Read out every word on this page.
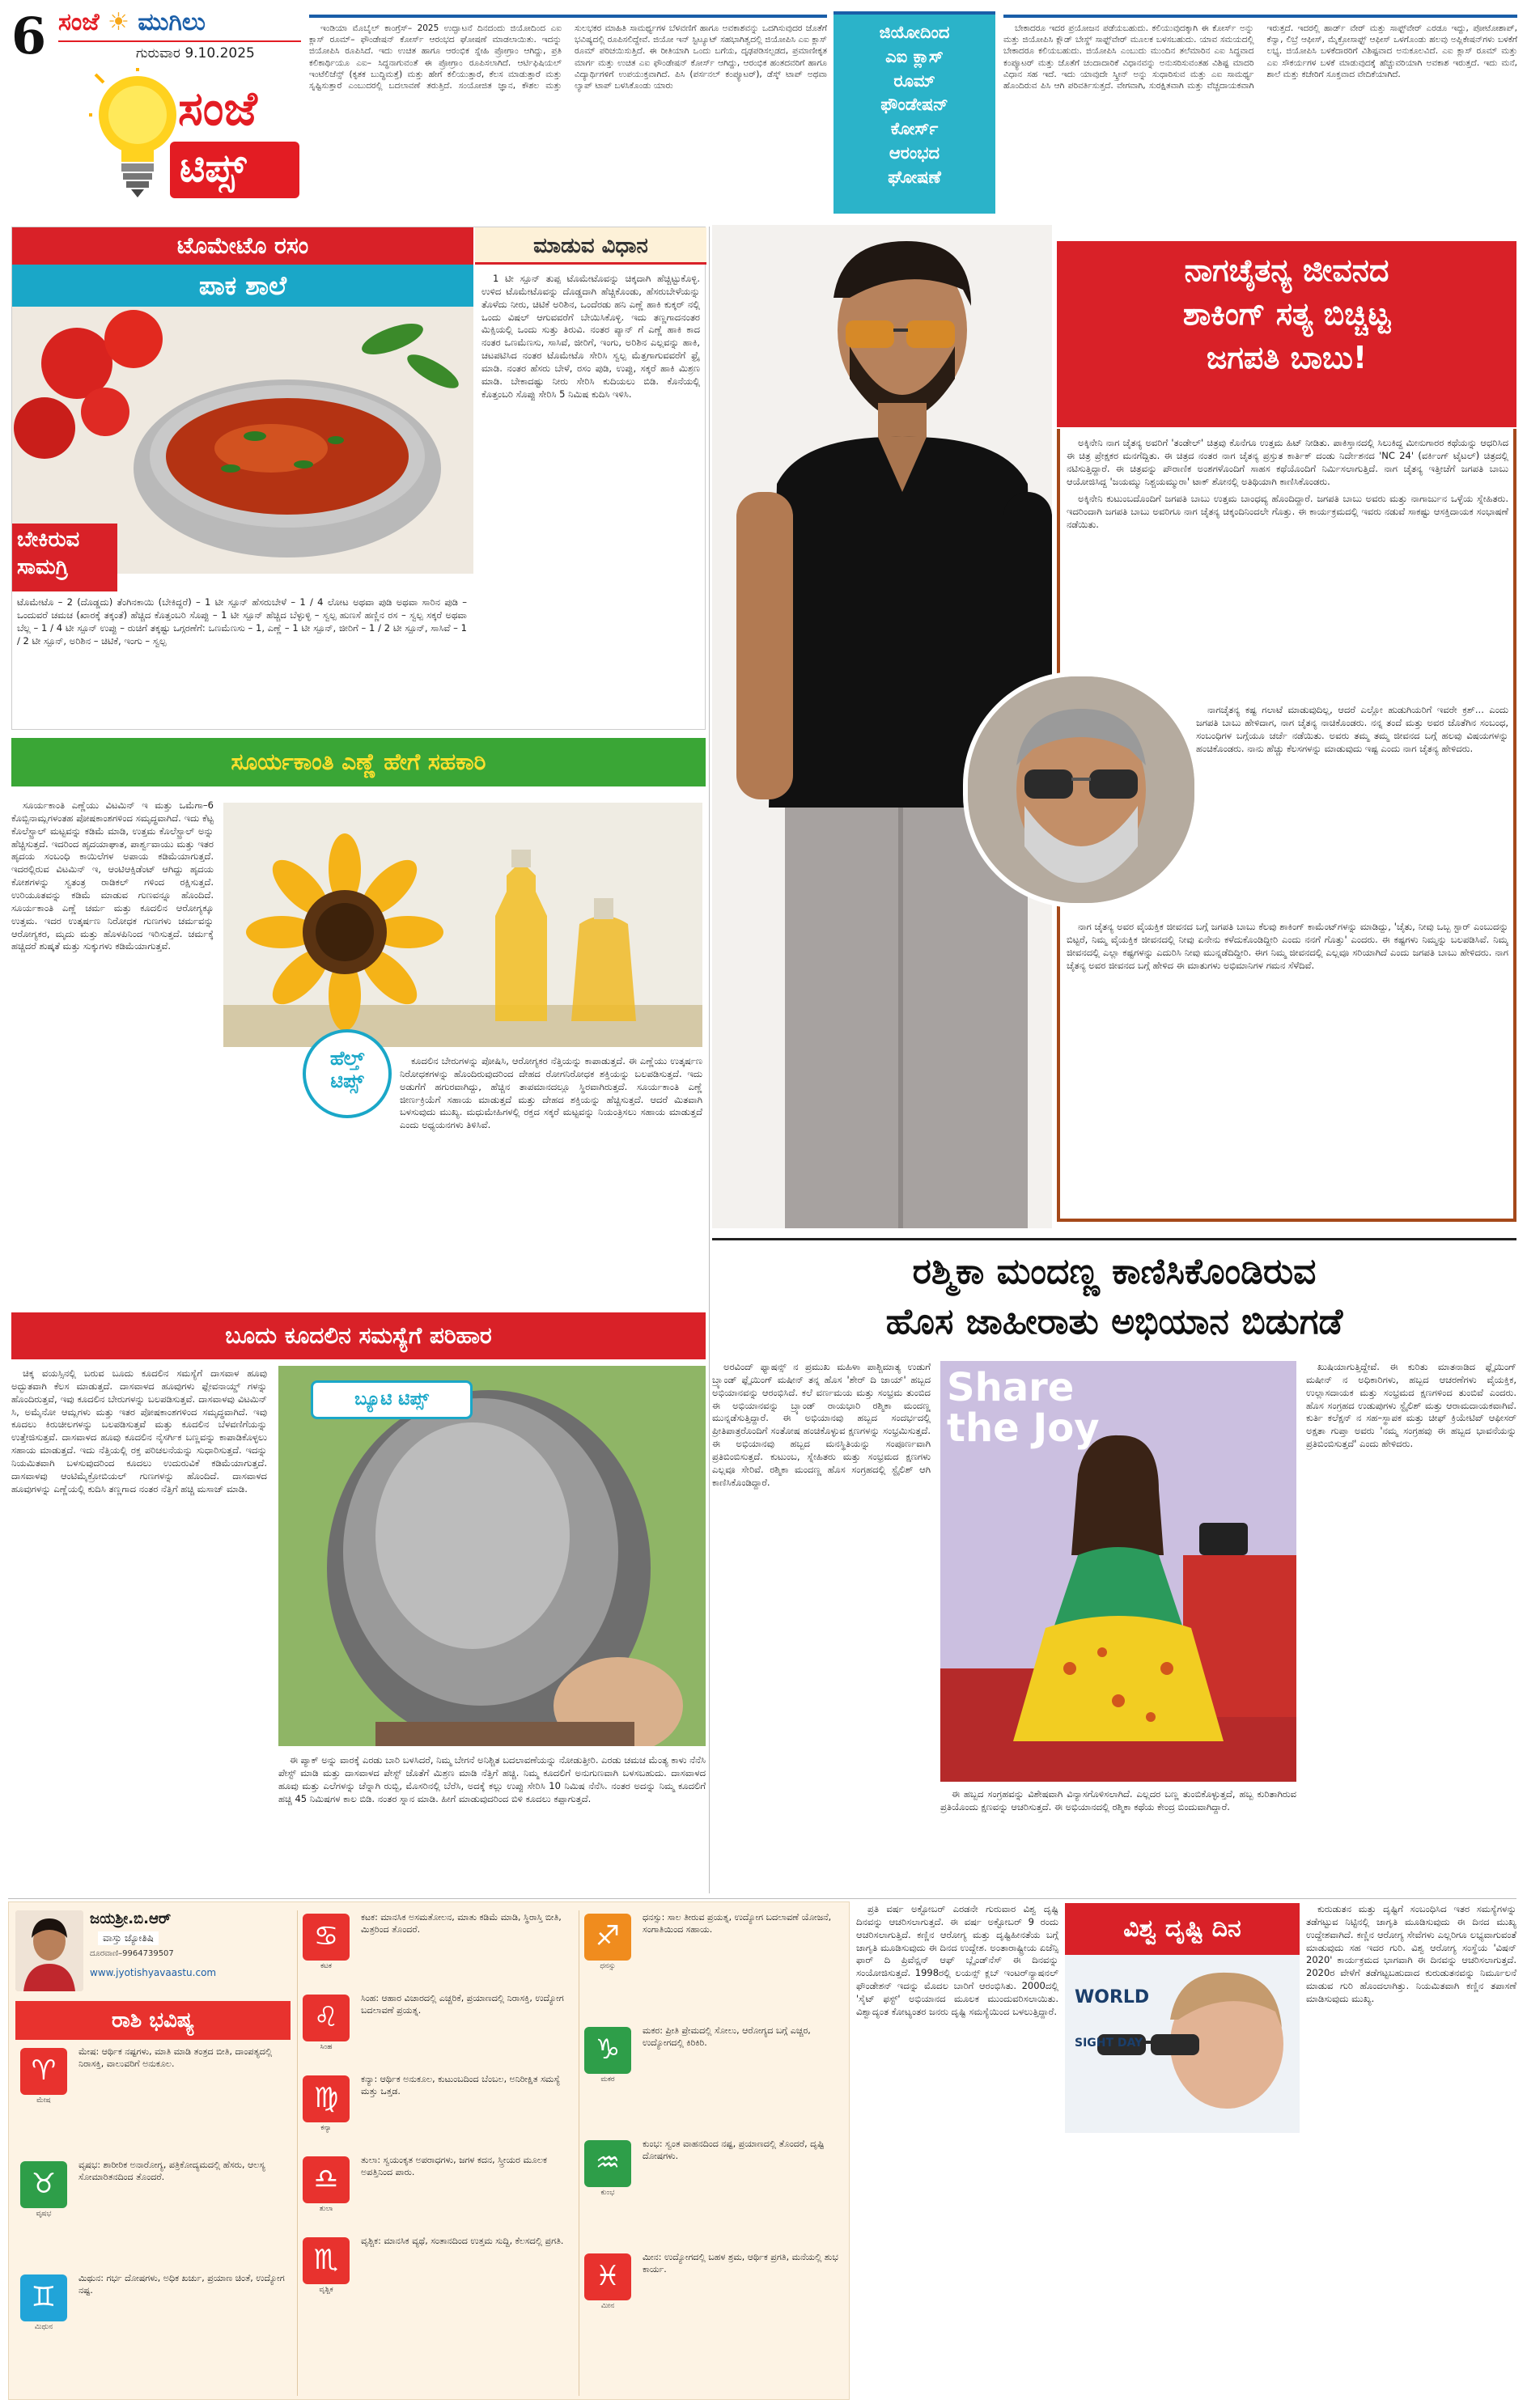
6 ಸಂಜೆ ☀ ಮುಗಿಲು
ಗುರುವಾರ 9.10.2025
ಸಂಜೆ
ಟಿಪ್ಸ್

ಇಂಡಿಯಾ ಮೊಬೈಲ್ ಕಾಂಗ್ರೆಸ್– 2025 ಉದ್ಘಾಟನೆ ದಿನದಂದು ಜಿಯೋದಿಂದ ಎಐ ಕ್ಲಾಸ್ ರೂಮ್– ಫೌಂಡೇಷನ್ ಕೋರ್ಸ್ ಆರಂಭದ ಘೋಷಣೆ ಮಾಡಲಾಯಿತು. ಇದನ್ನು ಜಿಯೋಪಿಸಿ ರೂಪಿಸಿದೆ. ಇದು ಉಚಿತ ಹಾಗೂ ಆರಂಭಿಕ ಸ್ನೇಹಿ ಪ್ರೋಗ್ರಾಂ ಆಗಿದ್ದು, ಪ್ರತಿ ಕಲಿಕಾರ್ಥಿಯೂ ಎಐ– ಸಿದ್ಧನಾಗುವಂತೆ ಈ ಪ್ರೋಗ್ರಾಂ ರೂಪಿಸಲಾಗಿದೆ. ಆರ್ಟಿಫಿಷಿಯಲ್ ಇಂಟೆಲಿಜೆನ್ಸ್ (ಕೃತಕ ಬುದ್ಧಿಮತ್ತೆ) ಮತ್ತು ಹೇಗೆ ಕಲಿಯುತ್ತಾರೆ, ಕೆಲಸ ಮಾಡುತ್ತಾರೆ ಮತ್ತು ಸೃಷ್ಟಿಸುತ್ತಾರೆ ಎಂಬುದರಲ್ಲಿ ಬದಲಾವಣೆ ತರುತ್ತಿದೆ. ಸಂಯೋಜಿತ ಜ್ಞಾನ, ಕೌಶಲ ಮತ್ತು ಸುಲಭಕರ ಮಾಹಿತಿ ಸಾಮರ್ಥ್ಯಗಳ ಬೆಳವಣಿಗೆ ಹಾಗೂ ಅವಕಾಶವನ್ನು ಒದಗಿಸುವುದರ ಜೊತೆಗೆ ಭವಿಷ್ಯದಲ್ಲಿ ರೂಪಿಸಲಿದ್ದೇವೆ. ಜಿಯೋ ಇನ್ ಸ್ಟಿಟ್ಯೂಟ್ ಸಹಭಾಗಿತ್ವದಲ್ಲಿ ಜಿಯೋಪಿಸಿ ಎಐ ಕ್ಲಾಸ್ ರೂಮ್ ಪರಿಚಯಿಸುತ್ತಿದೆ. ಈ ರೀತಿಯಾಗಿ ಒಂದು ಬಗೆಯ, ದೃಢಪಡಿಸಲ್ಪಡದ, ಪ್ರಮಾಣೀಕೃತ ಮಾರ್ಗ ಮತ್ತು ಉಚಿತ ಎಐ ಫೌಂಡೇಷನ್ ಕೋರ್ಸ್ ಆಗಿದ್ದು, ಆರಂಭಿಕ ಹಂತದವರಿಗೆ ಹಾಗೂ ವಿದ್ಯಾರ್ಥಿಗಳಿಗೆ ಉಪಯುಕ್ತವಾಗಿದೆ. ಪಿಸಿ (ಪರ್ಸನಲ್ ಕಂಪ್ಯೂಟರ್), ಡೆಸ್ಕ್ ಟಾಪ್ ಅಥವಾ ಲ್ಯಾಪ್ ಟಾಪ್ ಬಳಸಿಕೊಂಡು ಯಾರು

ಜಿಯೋದಿಂದ
ಎಐ ಕ್ಲಾಸ್
ರೂಮ್
ಫೌಂಡೇಷನ್
ಕೋರ್ಸ್
ಆರಂಭದ
ಘೋಷಣೆ

ಬೇಕಾದರೂ ಇದರ ಪ್ರಯೋಜನ ಪಡೆಯಬಹುದು. ಕಲಿಯುವುದಕ್ಕಾಗಿ ಈ ಕೋರ್ಸ್ ಅನ್ನು ಮತ್ತು ಜಿಯೋಪಿಸಿ ಕ್ಲೌಡ್ ಬೇಸ್ಡ್ ಸಾಫ್ಟ್‌ವೇರ್ ಮೂಲಕ ಬಳಸಬಹುದು. ಯಾವ ಸಮಯದಲ್ಲಿ ಬೇಕಾದರೂ ಕಲಿಯಬಹುದು. ಜಿಯೋಪಿಸಿ ಎಂಬುದು ಮುಂದಿನ ತಲೆಮಾರಿನ ಎಐ ಸಿದ್ಧವಾದ ಕಂಪ್ಯೂಟರ್ ಮತ್ತು ಜೊತೆಗೆ ಚಂದಾದಾರಿಕೆ ವಿಧಾನವನ್ನು ಅನುಸರಿಸುವಂತಹ ವಿಶಿಷ್ಟ ಮಾದರಿ ವಿಧಾನ ಸಹ ಇದೆ. ಇದು ಯಾವುದೇ ಸ್ಕ್ರೀನ್ ಅನ್ನು ಸುಧಾರಿಸುವ ಮತ್ತು ಎಐ ಸಾಮರ್ಥ್ಯ ಹೊಂದಿರುವ ಪಿಸಿ ಆಗಿ ಪರಿವರ್ತಿಸುತ್ತದೆ. ವೇಗವಾಗಿ, ಸುರಕ್ಷಿತವಾಗಿ ಮತ್ತು ವೆಚ್ಚದಾಯಕವಾಗಿ ಇರುತ್ತದೆ. ಇದರಲ್ಲಿ ಹಾರ್ಡ್ ವೇರ್ ಮತ್ತು ಸಾಫ್ಟ್‌ವೇರ್ ಎರಡೂ ಇದ್ದು, ಪೋಟೋಶಾಪ್, ಕೆನ್ವಾ, ಲಿಬ್ರೆ ಆಫೀಸ್, ಮೈಕ್ರೋಸಾಫ್ಟ್ ಆಫೀಸ್ ಒಳಗೊಂಡು ಹಲವು ಅಪ್ಲಿಕೇಷನ್‌ಗಳು ಬಳಕೆಗೆ ಲಭ್ಯ. ಜಿಯೋಪಿಸಿ ಬಳಕೆದಾರರಿಗೆ ವಿಶಿಷ್ಟವಾದ ಅನುಕೂಲವಿದೆ. ಎಐ ಕ್ಲಾಸ್ ರೂಮ್ ಮತ್ತು ಎಐ ಸೌಕರ್ಯಗಳ ಬಳಕೆ ಮಾಡುವುದಕ್ಕೆ ಹೆಚ್ಚುವರಿಯಾಗಿ ಅವಕಾಶ ಇರುತ್ತದೆ. ಇದು ಮನೆ, ಶಾಲೆ ಮತ್ತು ಕಚೇರಿಗೆ ಸೂಕ್ತವಾದ ವೇದಿಕೆಯಾಗಿದೆ.

ಟೊಮೇಟೊ ರಸಂ	ಮಾಡುವ ವಿಧಾನ
ಪಾಕ ಶಾಲೆ
ಬೇಕಿರುವ
ಸಾಮಗ್ರಿ
ಟೊಮೇಟೊ – 2 (ದೊಡ್ಡದು) ತೆಂಗಿನಕಾಯಿ (ಬೇಕಿದ್ದರೆ) – 1 ಟೀ ಸ್ಪೂನ್ ಹೆಸರುಬೇಳೆ – 1 / 4 ಲೋಟ ಅಥವಾ ಪುಡಿ ಅಥವಾ ಸಾರಿನ ಪುಡಿ – ಒಂದುವರೆ ಚಮಚ (ಖಾರಕ್ಕೆ ತಕ್ಕಂತೆ) ಹೆಚ್ಚಿದ ಕೊತ್ತಂಬರಿ ಸೊಪ್ಪು – 1 ಟೀ ಸ್ಪೂನ್ ಹೆಚ್ಚಿದ ಬೆಳ್ಳುಳ್ಳಿ – ಸ್ವಲ್ಪ ಹುಣಸೆ ಹಣ್ಣಿನ ರಸ – ಸ್ವಲ್ಪ ಸಕ್ಕರೆ ಅಥವಾ ಬೆಲ್ಲ – 1 / 4 ಟೀ ಸ್ಪೂನ್ ಉಪ್ಪು – ರುಚಿಗೆ ತಕ್ಕಷ್ಟು ಒಗ್ಗರಣೆಗೆ: ಒಣಮೆಣಸು – 1, ಎಣ್ಣೆ – 1 ಟೀ ಸ್ಪೂನ್, ಜೀರಿಗೆ – 1 / 2 ಟೀ ಸ್ಪೂನ್, ಸಾಸಿವೆ – 1 / 2 ಟೀ ಸ್ಪೂನ್, ಅರಿಶಿನ – ಚಿಟಿಕೆ, ಇಂಗು – ಸ್ವಲ್ಪ

1 ಟೀ ಸ್ಪೂನ್ ತುಪ್ಪ ಟೊಮೇಟೊವನ್ನು ಚಿಕ್ಕದಾಗಿ ಹೆಚ್ಚಿಟ್ಟುಕೊಳ್ಳಿ. ಉಳಿದ ಟೊಮೇಟೊವನ್ನು ದೊಡ್ಡದಾಗಿ ಹೆಚ್ಚಿಕೊಂಡು, ಹೆಸರುಬೇಳೆಯನ್ನು ತೊಳೆದು ನೀರು, ಚಿಟಿಕೆ ಅರಿಶಿನ, ಒಂದೆರಡು ಹನಿ ಎಣ್ಣೆ ಹಾಕಿ ಕುಕ್ಕರ್ ನಲ್ಲಿ ಒಂದು ವಿಷಲ್ ಆಗುವವರೆಗೆ ಬೇಯಿಸಿಕೊಳ್ಳಿ. ಇದು ತಣ್ಣಗಾದನಂತರ ಮಿಕ್ಸಿಯಲ್ಲಿ ಒಂದು ಸುತ್ತು ತಿರುವಿ. ನಂತರ ಪ್ಯಾನ್ ಗೆ ಎಣ್ಣೆ ಹಾಕಿ ಕಾದ ನಂತರ ಒಣಮೆಣಸು, ಸಾಸಿವೆ, ಜೀರಿಗೆ, ಇಂಗು, ಅರಿಶಿನ ಎಲ್ಲವನ್ನು ಹಾಕಿ, ಚಟಪಟಿಸಿದ ನಂತರ ಟೊಮೇಟೊ ಸೇರಿಸಿ ಸ್ವಲ್ಪ ಮೆತ್ತಗಾಗುವವರೆಗೆ ಫ್ರೈ ಮಾಡಿ. ನಂತರ ಹೆಸರು ಬೇಳೆ, ರಸಂ ಪುಡಿ, ಉಪ್ಪು, ಸಕ್ಕರೆ ಹಾಕಿ ಮಿಶ್ರಣ ಮಾಡಿ. ಬೇಕಾದಷ್ಟು ನೀರು ಸೇರಿಸಿ ಕುದಿಯಲು ಬಿಡಿ. ಕೊನೆಯಲ್ಲಿ ಕೊತ್ತಂಬರಿ ಸೊಪ್ಪು ಸೇರಿಸಿ 5 ನಿಮಿಷ ಕುದಿಸಿ ಇಳಿಸಿ.

ಸೂರ್ಯಕಾಂತಿ ಎಣ್ಣೆ ಹೇಗೆ ಸಹಕಾರಿ

ಸೂರ್ಯಕಾಂತಿ ಎಣ್ಣೆಯು ವಿಟಮಿನ್ ಇ ಮತ್ತು ಒಮೆಗಾ–6 ಕೊಬ್ಬಿನಾಮ್ಲಗಳಂತಹ ಪೋಷಕಾಂಶಗಳಿಂದ ಸಮೃದ್ಧವಾಗಿದೆ. ಇದು ಕೆಟ್ಟ ಕೊಲೆಸ್ಟ್ರಾಲ್ ಮಟ್ಟವನ್ನು ಕಡಿಮೆ ಮಾಡಿ, ಉತ್ತಮ ಕೊಲೆಸ್ಟ್ರಾಲ್ ಅನ್ನು ಹೆಚ್ಚಿಸುತ್ತದೆ. ಇದರಿಂದ ಹೃದಯಾಘಾತ, ಪಾರ್ಶ್ವವಾಯು ಮತ್ತು ಇತರ ಹೃದಯ ಸಂಬಂಧಿ ಕಾಯಿಲೆಗಳ ಅಪಾಯ ಕಡಿಮೆಯಾಗುತ್ತದೆ. ಇದರಲ್ಲಿರುವ ವಿಟಮಿನ್ ಇ, ಆಂಟಿಆಕ್ಸಿಡೆಂಟ್ ಆಗಿದ್ದು ಹೃದಯ ಕೋಶಗಳನ್ನು ಸ್ವತಂತ್ರ ರಾಡಿಕಲ್ ಗಳಿಂದ ರಕ್ಷಿಸುತ್ತದೆ. ಉರಿಯೂತವನ್ನು ಕಡಿಮೆ ಮಾಡುವ ಗುಣವನ್ನೂ ಹೊಂದಿದೆ. ಸೂರ್ಯಕಾಂತಿ ಎಣ್ಣೆ ಚರ್ಮ ಮತ್ತು ಕೂದಲಿನ ಆರೋಗ್ಯಕ್ಕೂ ಉತ್ತಮ. ಇದರ ಉತ್ಕರ್ಷಣ ನಿರೋಧಕ ಗುಣಗಳು ಚರ್ಮವನ್ನು ಆರೋಗ್ಯಕರ, ಮೃದು ಮತ್ತು ಹೊಳಪಿನಿಂದ ಇರಿಸುತ್ತದೆ. ಚರ್ಮಕ್ಕೆ ಹಚ್ಚಿದರೆ ಶುಷ್ಕತೆ ಮತ್ತು ಸುಕ್ಕುಗಳು ಕಡಿಮೆಯಾಗುತ್ತವೆ.

ಹೆಲ್ತ್
ಟಿಪ್ಸ್

ಕೂದಲಿನ ಬೇರುಗಳನ್ನು ಪೋಷಿಸಿ, ಆರೋಗ್ಯಕರ ನೆತ್ತಿಯನ್ನು ಕಾಪಾಡುತ್ತದೆ. ಈ ಎಣ್ಣೆಯು ಉತ್ಕರ್ಷಣ ನಿರೋಧಕಗಳನ್ನು ಹೊಂದಿರುವುದರಿಂದ ದೇಹದ ರೋಗನಿರೋಧಕ ಶಕ್ತಿಯನ್ನು ಬಲಪಡಿಸುತ್ತದೆ. ಇದು ಅಡುಗೆಗೆ ಹಗುರವಾಗಿದ್ದು, ಹೆಚ್ಚಿನ ತಾಪಮಾನದಲ್ಲೂ ಸ್ಥಿರವಾಗಿರುತ್ತದೆ. ಸೂರ್ಯಕಾಂತಿ ಎಣ್ಣೆ ಜೀರ್ಣಕ್ರಿಯೆಗೆ ಸಹಾಯ ಮಾಡುತ್ತದೆ ಮತ್ತು ದೇಹದ ಶಕ್ತಿಯನ್ನು ಹೆಚ್ಚಿಸುತ್ತದೆ. ಆದರೆ ಮಿತವಾಗಿ ಬಳಸುವುದು ಮುಖ್ಯ. ಮಧುಮೇಹಿಗಳಲ್ಲಿ ರಕ್ತದ ಸಕ್ಕರೆ ಮಟ್ಟವನ್ನು ನಿಯಂತ್ರಿಸಲು ಸಹಾಯ ಮಾಡುತ್ತದೆ ಎಂದು ಅಧ್ಯಯನಗಳು ತಿಳಿಸಿವೆ.

ಬೂದು ಕೂದಲಿನ ಸಮಸ್ಯೆಗೆ ಪರಿಹಾರ

ಚಿಕ್ಕ ವಯಸ್ಸಿನಲ್ಲಿ ಬರುವ ಬೂದು ಕೂದಲಿನ ಸಮಸ್ಯೆಗೆ ದಾಸವಾಳ ಹೂವು ಅದ್ಭುತವಾಗಿ ಕೆಲಸ ಮಾಡುತ್ತದೆ. ದಾಸವಾಳದ ಹೂವುಗಳು ಫ್ಲೇವನಾಯ್ಡ್ ಗಳನ್ನು ಹೊಂದಿರುತ್ತವೆ, ಇವು ಕೂದಲಿನ ಬೇರುಗಳನ್ನು ಬಲಪಡಿಸುತ್ತವೆ. ದಾಸವಾಳವು ವಿಟಮಿನ್ ಸಿ, ಅಮೈನೋ ಆಮ್ಲಗಳು ಮತ್ತು ಇತರ ಪೋಷಕಾಂಶಗಳಿಂದ ಸಮೃದ್ಧವಾಗಿದೆ. ಇವು ಕೂದಲು ಕಿರುಚೀಲಗಳನ್ನು ಬಲಪಡಿಸುತ್ತವೆ ಮತ್ತು ಕೂದಲಿನ ಬೆಳವಣಿಗೆಯನ್ನು ಉತ್ತೇಜಿಸುತ್ತವೆ. ದಾಸವಾಳದ ಹೂವು ಕೂದಲಿನ ನೈಸರ್ಗಿಕ ಬಣ್ಣವನ್ನು ಕಾಪಾಡಿಕೊಳ್ಳಲು ಸಹಾಯ ಮಾಡುತ್ತದೆ. ಇದು ನೆತ್ತಿಯಲ್ಲಿ ರಕ್ತ ಪರಿಚಲನೆಯನ್ನು ಸುಧಾರಿಸುತ್ತದೆ. ಇದನ್ನು ನಿಯಮಿತವಾಗಿ ಬಳಸುವುದರಿಂದ ಕೂದಲು ಉದುರುವಿಕೆ ಕಡಿಮೆಯಾಗುತ್ತದೆ. ದಾಸವಾಳವು ಆಂಟಿಮೈಕ್ರೋಬಿಯಲ್ ಗುಣಗಳನ್ನು ಹೊಂದಿದೆ. ದಾಸವಾಳದ ಹೂವುಗಳನ್ನು ಎಣ್ಣೆಯಲ್ಲಿ ಕುದಿಸಿ ತಣ್ಣಗಾದ ನಂತರ ನೆತ್ತಿಗೆ ಹಚ್ಚಿ ಮಸಾಜ್ ಮಾಡಿ.

ಬ್ಯೂಟಿ ಟಿಪ್ಸ್

ಈ ಪ್ಯಾಕ್ ಅನ್ನು ವಾರಕ್ಕೆ ಎರಡು ಬಾರಿ ಬಳಸಿದರೆ, ನಿಮ್ಮ ಬೇಗನೆ ಅನಿಶ್ಚಿತ ಬದಲಾವಣೆಯನ್ನು ನೋಡುತ್ತೀರಿ. ಎರಡು ಚಮಚ ಮೆಂತ್ಯ ಕಾಳು ನೆನೆಸಿ ಪೇಸ್ಟ್ ಮಾಡಿ ಮತ್ತು ದಾಸವಾಳದ ಪೇಸ್ಟ್ ಜೊತೆಗೆ ಮಿಶ್ರಣ ಮಾಡಿ ನೆತ್ತಿಗೆ ಹಚ್ಚಿ. ನಿಮ್ಮ ಕೂದಲಿಗೆ ಅನುಗುಣವಾಗಿ ಬಳಸಬಹುದು. ದಾಸವಾಳದ ಹೂವು ಮತ್ತು ಎಲೆಗಳನ್ನು ಚೆನ್ನಾಗಿ ರುಬ್ಬಿ, ಮೊಸರಿನಲ್ಲಿ ಬೆರೆಸಿ, ಅದಕ್ಕೆ ಕಲ್ಲು ಉಪ್ಪು ಸೇರಿಸಿ 10 ನಿಮಿಷ ನೆನೆಸಿ. ನಂತರ ಅದನ್ನು ನಿಮ್ಮ ಕೂದಲಿಗೆ ಹಚ್ಚಿ 45 ನಿಮಿಷಗಳ ಕಾಲ ಬಿಡಿ. ನಂತರ ಸ್ನಾನ ಮಾಡಿ. ಹೀಗೆ ಮಾಡುವುದರಿಂದ ಬಿಳಿ ಕೂದಲು ಕಪ್ಪಾಗುತ್ತದೆ.

ನಾಗಚೈತನ್ಯ ಜೀವನದ
ಶಾಕಿಂಗ್ ಸತ್ಯ ಬಿಚ್ಚಿಟ್ಟ
ಜಗಪತಿ ಬಾಬು!

ಅಕ್ಕಿನೇನಿ ನಾಗ ಚೈತನ್ಯ ಅವರಿಗೆ 'ತಂಡೇಲ್' ಚಿತ್ರವು ಕೊನೆಗೂ ಉತ್ತಮ ಹಿಟ್ ನೀಡಿತು. ಪಾಕಿಸ್ತಾನದಲ್ಲಿ ಸಿಲುಕಿದ್ದ ಮೀನುಗಾರರ ಕಥೆಯನ್ನು ಆಧರಿಸಿದ ಈ ಚಿತ್ರ ಪ್ರೇಕ್ಷಕರ ಮನಗೆದ್ದಿತು. ಈ ಚಿತ್ರದ ನಂತರ ನಾಗ ಚೈತನ್ಯ ಪ್ರಸ್ತುತ ಕಾರ್ತಿಕ್ ದಂಡು ನಿರ್ದೇಶನದ 'NC 24' (ವರ್ಕಿಂಗ್ ಟೈಟಲ್) ಚಿತ್ರದಲ್ಲಿ ನಟಿಸುತ್ತಿದ್ದಾರೆ. ಈ ಚಿತ್ರವನ್ನು ಪೌರಾಣಿಕ ಅಂಶಗಳೊಂದಿಗೆ ಸಾಹಸ ಕಥೆಯೊಂದಿಗೆ ನಿರ್ಮಿಸಲಾಗುತ್ತಿದೆ. ನಾಗ ಚೈತನ್ಯ ಇತ್ತೀಚೆಗೆ ಜಗಪತಿ ಬಾಬು ಆಯೋಜಿಸಿದ್ದ 'ಜಯಮ್ಮು ನಿಶ್ಚಯಮ್ಮುರಾ' ಟಾಕ್ ಶೋನಲ್ಲಿ ಅತಿಥಿಯಾಗಿ ಕಾಣಿಸಿಕೊಂಡರು.

ಅಕ್ಕಿನೇನಿ ಕುಟುಂಬದೊಂದಿಗೆ ಜಗಪತಿ ಬಾಬು ಉತ್ತಮ ಬಾಂಧವ್ಯ ಹೊಂದಿದ್ದಾರೆ. ಜಗಪತಿ ಬಾಬು ಅವರು ಮತ್ತು ನಾಗಾರ್ಜುನ ಒಳ್ಳೆಯ ಸ್ನೇಹಿತರು. ಇದರಿಂದಾಗಿ ಜಗಪತಿ ಬಾಬು ಅವರಿಗೂ ನಾಗ ಚೈತನ್ಯ ಚಿಕ್ಕಂದಿನಿಂದಲೇ ಗೊತ್ತು. ಈ ಕಾರ್ಯಕ್ರಮದಲ್ಲಿ ಇವರು ನಡುವೆ ಸಾಕಷ್ಟು ಆಸಕ್ತಿದಾಯಕ ಸಂಭಾಷಣೆ ನಡೆಯಿತು.

ನಾಗಚೈತನ್ಯ ಕಷ್ಟ ಗಲಾಟೆ ಮಾಡುವುದಿಲ್ಲ, ಆದರೆ ಎಲ್ಲೋ ಹುಡುಗಿಯರಿಗೆ ಇವರೇ ಕ್ರಶ್... ಎಂದು ಜಗಪತಿ ಬಾಬು ಹೇಳಿದಾಗ, ನಾಗ ಚೈತನ್ಯ ನಾಚಿಕೊಂಡರು. ನನ್ನ ತಂದೆ ಮತ್ತು ಅವರ ಜೊತೆಗಿನ ಸಂಬಂಧ, ಸಂಬಂಧಿಗಳ ಬಗ್ಗೆಯೂ ಚರ್ಚೆ ನಡೆಯಿತು. ಅವರು ತಮ್ಮ ತಮ್ಮ ಜೀವನದ ಬಗ್ಗೆ ಹಲವು ವಿಷಯಗಳನ್ನು ಹಂಚಿಕೊಂಡರು. ನಾನು ಹೆಚ್ಚು ಕೆಲಸಗಳನ್ನು ಮಾಡುವುದು ಇಷ್ಟ ಎಂದು ನಾಗ ಚೈತನ್ಯ ಹೇಳಿದರು.

ನಾಗ ಚೈತನ್ಯ ಅವರ ವೈಯಕ್ತಿಕ ಜೀವನದ ಬಗ್ಗೆ ಜಗಪತಿ ಬಾಬು ಕೆಲವು ಶಾಕಿಂಗ್ ಕಾಮೆಂಟ್‌ಗಳನ್ನು ಮಾಡಿದ್ದು, 'ಚೈತು, ನೀವು ಒಬ್ಬ ಸ್ಟಾರ್ ಎಂಬುದನ್ನು ಬಿಟ್ಟರೆ, ನಿಮ್ಮ ವೈಯಕ್ತಿಕ ಜೀವನದಲ್ಲಿ ನೀವು ಏನೇನು ಕಳೆದುಕೊಂಡಿದ್ದೀರಿ ಎಂದು ನನಗೆ ಗೊತ್ತು' ಎಂದರು. ಈ ಕಷ್ಟಗಳು ನಿಮ್ಮನ್ನು ಬಲಪಡಿಸಿವೆ. ನಿಮ್ಮ ಜೀವನದಲ್ಲಿ ಎಲ್ಲಾ ಕಷ್ಟಗಳನ್ನು ಎದುರಿಸಿ ನೀವು ಮುನ್ನಡೆದಿದ್ದೀರಿ. ಈಗ ನಿಮ್ಮ ಜೀವನದಲ್ಲಿ ಎಲ್ಲವೂ ಸರಿಯಾಗಿದೆ ಎಂದು ಜಗಪತಿ ಬಾಬು ಹೇಳಿದರು. ನಾಗ ಚೈತನ್ಯ ಅವರ ಜೀವನದ ಬಗ್ಗೆ ಹೇಳಿದ ಈ ಮಾತುಗಳು ಅಭಿಮಾನಿಗಳ ಗಮನ ಸೆಳೆದಿವೆ.

ರಶ್ಮಿಕಾ ಮಂದಣ್ಣ ಕಾಣಿಸಿಕೊಂಡಿರುವ
ಹೊಸ ಜಾಹೀರಾತು ಅಭಿಯಾನ ಬಿಡುಗಡೆ

ಅರವಿಂದ್ ಫ್ಯಾಷನ್ಸ್ ನ ಪ್ರಮುಖ ಮಹಿಳಾ ಪಾಶ್ಚಿಮಾತ್ಯ ಉಡುಗೆ ಬ್ರ್ಯಾಂಡ್ ಫ್ಲೈಯಿಂಗ್ ಮಷೀನ್ ತನ್ನ ಹೊಸ 'ಶೇರ್ ದಿ ಜಾಯ್' ಹಬ್ಬದ ಅಭಿಯಾನವನ್ನು ಆರಂಭಿಸಿದೆ. ಕಲೆ ವರ್ಣಮಯ ಮತ್ತು ಸಂಭ್ರಮ ತುಂಬಿದ ಈ ಅಭಿಯಾನವನ್ನು ಬ್ರ್ಯಾಂಡ್ ರಾಯಭಾರಿ ರಶ್ಮಿಕಾ ಮಂದಣ್ಣ ಮುನ್ನಡೆಸುತ್ತಿದ್ದಾರೆ. ಈ ಅಭಿಯಾನವು ಹಬ್ಬದ ಸಂದರ್ಭದಲ್ಲಿ ಪ್ರೀತಿಪಾತ್ರರೊಂದಿಗೆ ಸಂತೋಷ ಹಂಚಿಕೊಳ್ಳುವ ಕ್ಷಣಗಳನ್ನು ಸಂಭ್ರಮಿಸುತ್ತದೆ. ಈ ಅಭಿಯಾನವು ಹಬ್ಬದ ಮನಸ್ಥಿತಿಯನ್ನು ಸಂಪೂರ್ಣವಾಗಿ ಪ್ರತಿಬಿಂಬಿಸುತ್ತದೆ. ಕುಟುಂಬ, ಸ್ನೇಹಿತರು ಮತ್ತು ಸಂಭ್ರಮದ ಕ್ಷಣಗಳು ಎಲ್ಲವೂ ಸೇರಿವೆ. ರಶ್ಮಿಕಾ ಮಂದಣ್ಣ ಹೊಸ ಸಂಗ್ರಹದಲ್ಲಿ ಸ್ಟೈಲಿಶ್ ಆಗಿ ಕಾಣಿಸಿಕೊಂಡಿದ್ದಾರೆ.

Share
the Joy

ಈ ಹಬ್ಬದ ಸಂಗ್ರಹವನ್ನು ವಿಶೇಷವಾಗಿ ವಿನ್ಯಾಸಗೊಳಿಸಲಾಗಿದೆ. ಎಲ್ಲದರ ಬಣ್ಣ ತುಂಬಿಕೊಳ್ಳುತ್ತದೆ, ಹಬ್ಬ ಕುರಿತಾಗಿರುವ ಪ್ರತಿಯೊಂದು ಕ್ಷಣವನ್ನು ಆಚರಿಸುತ್ತದೆ. ಈ ಅಭಿಯಾನದಲ್ಲಿ ರಶ್ಮಿಕಾ ಕಥೆಯ ಕೇಂದ್ರ ಬಿಂದುವಾಗಿದ್ದಾರೆ.

ಖುಷಿಯಾಗುತ್ತಿದ್ದೇವೆ. ಈ ಕುರಿತು ಮಾತನಾಡಿದ ಫ್ಲೈಯಿಂಗ್ ಮಷೀನ್ ನ ಅಧಿಕಾರಿಗಳು, ಹಬ್ಬದ ಆಚರಣೆಗಳು ವೈಯಕ್ತಿಕ, ಉಲ್ಲಾಸದಾಯಕ ಮತ್ತು ಸಂಭ್ರಮದ ಕ್ಷಣಗಳಿಂದ ತುಂಬಿವೆ ಎಂದರು. ಹೊಸ ಸಂಗ್ರಹದ ಉಡುಪುಗಳು ಸ್ಟೈಲಿಶ್ ಮತ್ತು ಆರಾಮದಾಯಕವಾಗಿವೆ. ಕುರ್ತಿ ಕಲೆಕ್ಷನ್ ನ ಸಹ–ಸ್ಥಾಪಕ ಮತ್ತು ಚೀಫ್ ಕ್ರಿಯೇಟಿವ್ ಆಫೀಸರ್ ಅಕ್ಷತಾ ಗುಪ್ತಾ ಅವರು 'ನಮ್ಮ ಸಂಗ್ರಹವು ಈ ಹಬ್ಬದ ಭಾವನೆಯನ್ನು ಪ್ರತಿಬಿಂಬಿಸುತ್ತದೆ' ಎಂದು ಹೇಳಿದರು.

ಜಯಶ್ರೀ.ಬಿ.ಆರ್
ವಾಸ್ತು ಜ್ಯೋತಿಷಿ
ದೂರವಾಣಿ–9964739507
www.jyotishyavaastu.com
ರಾಶಿ ಭವಿಷ್ಯ
♈
ಮೇಷ
ಮೇಷ: ಆರ್ಥಿಕ ನಷ್ಟಗಳು, ಮಾತಿ ಮಾಡಿ ತಂತ್ರದ ಬೀತಿ, ದಾಂಪತ್ಯದಲ್ಲಿ ನಿರಾಸಕ್ತಿ, ವಾಲುವರಿಗೆ ಅನುಕೂಲ.
♉
ವೃಷಭ
ವೃಷಭ: ಶಾರೀರಿಕ ಅನಾರೋಗ್ಯ, ಪತ್ರಿಕೋದ್ಯಮದಲ್ಲಿ ಹೆಸರು, ಆಲಸ್ಯ ಸೋಮಾರಿತನದಿಂದ ತೊಂದರೆ.
♊
ಮಿಥುನ
ಮಿಥುನ: ಗರ್ಭ ದೋಷಗಳು, ಅಧಿಕ ಖರ್ಚು, ಪ್ರಯಾಣ ಚಿಂತೆ, ಉದ್ಯೋಗ ನಷ್ಟ.
♋
ಕಟಕ
ಕಟಕ: ಮಾನಸಿಕ ಅಸಮತೋಲನ, ಮಾತು ಕಡಿಮೆ ಮಾಡಿ, ಸ್ಥಿರಾಸ್ತಿ ಬೀತಿ, ಮಿತ್ರರಿಂದ ತೊಂದರೆ.
♌
ಸಿಂಹ
ಸಿಂಹ: ಆಹಾರ ವಿಚಾರದಲ್ಲಿ ಎಚ್ಚರಿಕೆ, ಪ್ರಯಾಣದಲ್ಲಿ ನಿರಾಸಕ್ತಿ, ಉದ್ಯೋಗ ಬದಲಾವಣೆ ಪ್ರಯತ್ನ.
♍
ಕನ್ಯಾ
ಕನ್ಯಾ: ಆರ್ಥಿಕ ಅನುಕೂಲ, ಕುಟುಂಬದಿಂದ ಬೆಂಬಲ, ಅನಿರೀಕ್ಷಿತ ಸಮಸ್ಯೆ ಮತ್ತು ಒತ್ತಡ.
♎
ತುಲಾ
ತುಲಾ: ಸ್ವಯಂಕೃತ ಅಪರಾಧಗಳು, ಜಗಳ ಕದನ, ಸ್ತ್ರೀಯರ ಮೂಲಕ ಅಪತ್ತಿನಿಂದ ಪಾರು.
♏
ವೃಶ್ಚಿಕ
ವೃಶ್ಚಿಕ: ಮಾನಸಿಕ ವ್ಯಥೆ, ಸಂತಾನದಿಂದ ಉತ್ತಮ ಸುದ್ದಿ, ಕೆಲಸದಲ್ಲಿ ಪ್ರಗತಿ.
♐
ಧನಸ್ಸು
ಧನಸ್ಸು: ಸಾಲ ತೀರುವ ಪ್ರಯತ್ನ, ಉದ್ಯೋಗ ಬದಲಾವಣೆ ಯೋಜನೆ, ಸಂಗಾತಿಯಿಂದ ಸಹಾಯ.
♑
ಮಕರ
ಮಕರ: ಪ್ರೀತಿ ಪ್ರೇಮದಲ್ಲಿ ಸೋಲು, ಆರೋಗ್ಯದ ಬಗ್ಗೆ ಎಚ್ಚರ, ಉದ್ಯೋಗದಲ್ಲಿ ಕಿರಿಕಿರಿ.
♒
ಕುಂಭ
ಕುಂಭ: ಸ್ವಂತ ವಾಹನದಿಂದ ನಷ್ಟ, ಪ್ರಯಾಣದಲ್ಲಿ ತೊಂದರೆ, ದೃಷ್ಟಿ ದೋಷಗಳು.
♓
ಮೀನ
ಮೀನ: ಉದ್ಯೋಗದಲ್ಲಿ ಬಹಳ ಶ್ರಮ, ಆರ್ಥಿಕ ಪ್ರಗತಿ, ಮನೆಯಲ್ಲಿ ಶುಭ ಕಾರ್ಯ.

ಪ್ರತಿ ವರ್ಷ ಅಕ್ಟೋಬರ್ ಎರಡನೇ ಗುರುವಾರ ವಿಶ್ವ ದೃಷ್ಟಿ ದಿನವನ್ನು ಆಚರಿಸಲಾಗುತ್ತದೆ. ಈ ವರ್ಷ ಅಕ್ಟೋಬರ್ 9 ರಂದು ಆಚರಿಸಲಾಗುತ್ತಿದೆ. ಕಣ್ಣಿನ ಆರೋಗ್ಯ ಮತ್ತು ದೃಷ್ಟಿಹೀನತೆಯ ಬಗ್ಗೆ ಜಾಗೃತಿ ಮೂಡಿಸುವುದು ಈ ದಿನದ ಉದ್ದೇಶ. ಅಂತಾರಾಷ್ಟ್ರೀಯ ಏಜೆನ್ಸಿ ಫಾರ್ ದಿ ಪ್ರಿವೆನ್ಷನ್ ಆಫ್ ಬ್ಲೈಂಡ್‌ನೆಸ್ ಈ ದಿನವನ್ನು ಸಂಯೋಜಿಸುತ್ತದೆ. 1998ರಲ್ಲಿ ಲಯನ್ಸ್ ಕ್ಲಬ್ ಇಂಟರ್‌ನ್ಯಾಷನಲ್ ಫೌಂಡೇಶನ್ ಇದನ್ನು ಮೊದಲ ಬಾರಿಗೆ ಆರಂಭಿಸಿತು. 2000ದಲ್ಲಿ 'ಸೈಟ್ ಫಸ್ಟ್' ಅಭಿಯಾನದ ಮೂಲಕ ಮುಂದುವರಿಸಲಾಯಿತು. ವಿಶ್ವಾದ್ಯಂತ ಕೋಟ್ಯಂತರ ಜನರು ದೃಷ್ಟಿ ಸಮಸ್ಯೆಯಿಂದ ಬಳಲುತ್ತಿದ್ದಾರೆ.

ವಿಶ್ವ ದೃಷ್ಟಿ ದಿನ
WORLD
SIGHT DAY

ಕುರುಡುತನ ಮತ್ತು ದೃಷ್ಟಿಗೆ ಸಂಬಂಧಿಸಿದ ಇತರ ಸಮಸ್ಯೆಗಳನ್ನು ತಡೆಗಟ್ಟುವ ನಿಟ್ಟಿನಲ್ಲಿ ಜಾಗೃತಿ ಮೂಡಿಸುವುದು ಈ ದಿನದ ಮುಖ್ಯ ಉದ್ದೇಶವಾಗಿದೆ. ಕಣ್ಣಿನ ಆರೋಗ್ಯ ಸೇವೆಗಳು ಎಲ್ಲರಿಗೂ ಲಭ್ಯವಾಗುವಂತೆ ಮಾಡುವುದು ಸಹ ಇದರ ಗುರಿ. ವಿಶ್ವ ಆರೋಗ್ಯ ಸಂಸ್ಥೆಯ 'ವಿಷನ್ 2020' ಕಾರ್ಯಕ್ರಮದ ಭಾಗವಾಗಿ ಈ ದಿನವನ್ನು ಆಚರಿಸಲಾಗುತ್ತದೆ. 2020ರ ವೇಳೆಗೆ ತಡೆಗಟ್ಟಬಹುದಾದ ಕುರುಡುತನವನ್ನು ನಿರ್ಮೂಲನೆ ಮಾಡುವ ಗುರಿ ಹೊಂದಲಾಗಿತ್ತು. ನಿಯಮಿತವಾಗಿ ಕಣ್ಣಿನ ತಪಾಸಣೆ ಮಾಡಿಸುವುದು ಮುಖ್ಯ.
